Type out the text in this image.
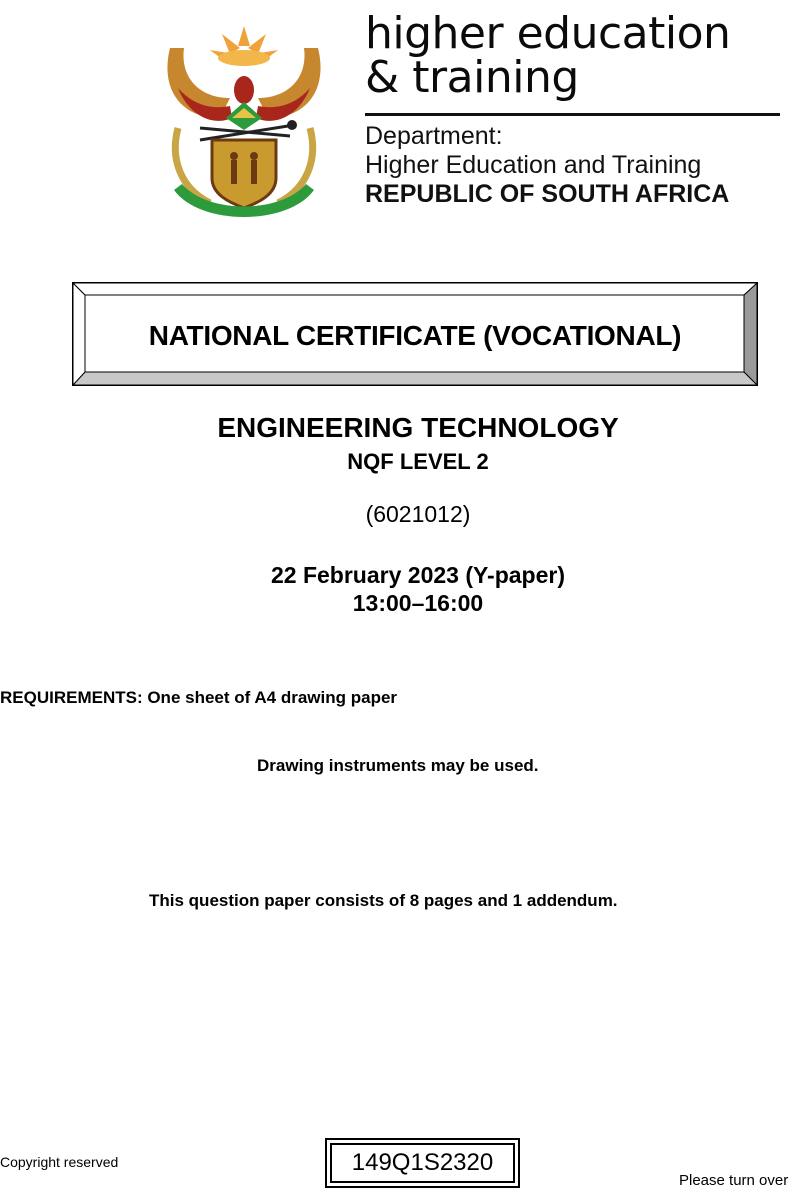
higher education
& training
Department:
Higher Education and Training
REPUBLIC OF SOUTH AFRICA
NATIONAL CERTIFICATE (VOCATIONAL)
ENGINEERING TECHNOLOGY
NQF LEVEL 2
(6021012)
22 February 2023 (Y-paper)
13:00–16:00
REQUIREMENTS: One sheet of A4 drawing paper
Drawing instruments may be used.
This question paper consists of 8 pages and 1 addendum.
Copyright reserved	149Q1S2320
Please turn over
